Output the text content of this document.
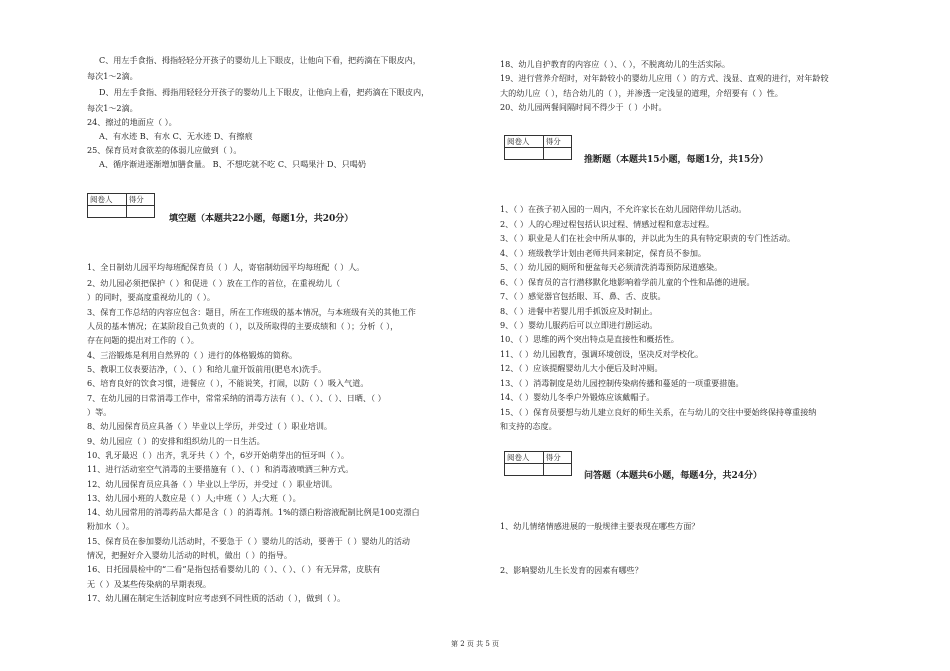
C、用左手食指、拇指轻轻分开孩子的婴幼儿上下眼皮，让他向下看，把药滴在下眼皮内，
每次1～2滴。
D、用左手食指、拇指用轻轻分开孩子的婴幼儿上下眼皮，让他向上看，把药滴在下眼皮内，
每次1～2滴。
24、擦过的地面应（ ）。
A、有水迹 B、有水 C、无水迹 D、有擦痕
25、保育员对食欲差的体弱儿应做到（ ）。
A、循序渐进逐渐增加膳食量。 B、不想吃就不吃 C、只喝果汁 D、只喝奶
阅卷人	得分

填空题（本题共22小题，每题1分，共20分）
1、全日制幼儿园平均每班配保育员（ ）人，寄宿制幼园平均每班配（ ）人。
2、幼儿园必须把保护（ ）和促进（ ）放在工作的首位，在重视幼儿（
）的同时，要高度重视幼儿的（ ）。
3、保育工作总结的内容应包含：题目，所在工作班级的基本情况，与本班级有关的其他工作
人员的基本情况；在某阶段自己负责的（ ），以及所取得的主要成绩和（ ）；分析（ ），
存在问题的提出对工作的（ ）。
4、三浴锻炼是利用自然界的（ ）进行的体格锻炼的简称。
5、教职工仪表要洁净，（ ）、（ ）和给儿童开饭前用(肥皂水)洗手。
6、培育良好的饮食习惯，进餐应（ ），不能说笑，打闹，以防（ ）吸入气道。
7、在幼儿园的日常消毒工作中，常常采纳的消毒方法有（ ）、（ ）、（ ）、日晒、（ ）
）等。
8、幼儿园保育员应具备（ ）毕业以上学历，并受过（ ）职业培训。
9、幼儿园应（ ）的安排和组织幼儿的一日生活。
10、乳牙最迟（ ）出齐，乳牙共（ ）个，6岁开始萌芽出的恒牙叫（ ）。
11、进行活动室空气消毒的主要措施有（ ）、（ ）和消毒液喷洒三种方式。
12、幼儿园保育员应具备（ ）毕业以上学历，并受过（ ）职业培训。
13、幼儿园小班的人数应是（ ）人;中班（ ）人;大班（ ）。
14、幼儿园常用的消毒药品大都是含（ ）的消毒剂。1%的漂白粉溶液配制比例是100克漂白
粉加水（ ）。
15、保育员在参加婴幼儿活动时，不要急于（ ）婴幼儿的活动，要善于（ ）婴幼儿的活动
情况，把握好介入婴幼儿活动的时机，做出（ ）的指导。
16、日托园晨检中的“二看”是指包括看婴幼儿的（ ）、（ ）、（ ）有无异常，皮肤有
无（ ）及某些传染病的早期表现。
17、幼儿圃在制定生活制度时应考虑到不同性质的活动（ ），做到（ ）。
18、幼儿自护教育的内容应（ ）、（ ），不脱离幼儿的生活实际。
19、进行营养介绍时，对年龄较小的婴幼儿应用（ ）的方式、浅显、直观的进行，对年龄较
大的幼儿应（ ），结合幼儿的（ ），并渗透一定浅显的道理，介绍要有（ ）性。
20、幼儿园两餐间隔时间不得少于（ ）小时。
阅卷人	得分

推断题（本题共15小题，每题1分，共15分）
1、（ ）在孩子初入园的一周内，不允许家长在幼儿园陪伴幼儿活动。
2、（ ）人的心理过程包括认识过程、情感过程和意志过程。
3、（ ）职业是人们在社会中所从事的，并以此为生的具有特定职责的专门性活动。
4、（ ）班级教学计划由老师共同来制定，保育员不参加。
5、（ ）幼儿园的厕所和便盆每天必须清洗消毒预防尿道感染。
6、（ ）保育员的言行潜移默化地影响着学前儿童的个性和品德的进展。
7、（ ）感觉器官包括眼、耳、鼻、舌、皮肤。
8、（ ）进餐中若婴儿用手抓饭应及时制止。
9、（ ）婴幼儿服药后可以立即进行剧运动。
10、（ ）思维的两个突出特点是直接性和概括性。
11、（ ）幼儿园教育，强调环境创设，坚决反对学校化。
12、（ ）应该提醒婴幼儿大小便后及时冲厕。
13、（ ）消毒制度是幼儿园控制传染病传播和蔓延的一项重要措施。
14、（ ）婴幼儿冬季户外锻炼应该戴帽子。
15、（ ）保育员要想与幼儿建立良好的师生关系，在与幼儿的交往中要始终保持尊重接纳
和支持的态度。
阅卷人	得分

问答题（本题共6小题，每题4分，共24分）
1、幼儿情绪情感进展的一般规律主要表现在哪些方面？
2、影响婴幼儿生长发育的因素有哪些？
第 2 页 共 5 页
